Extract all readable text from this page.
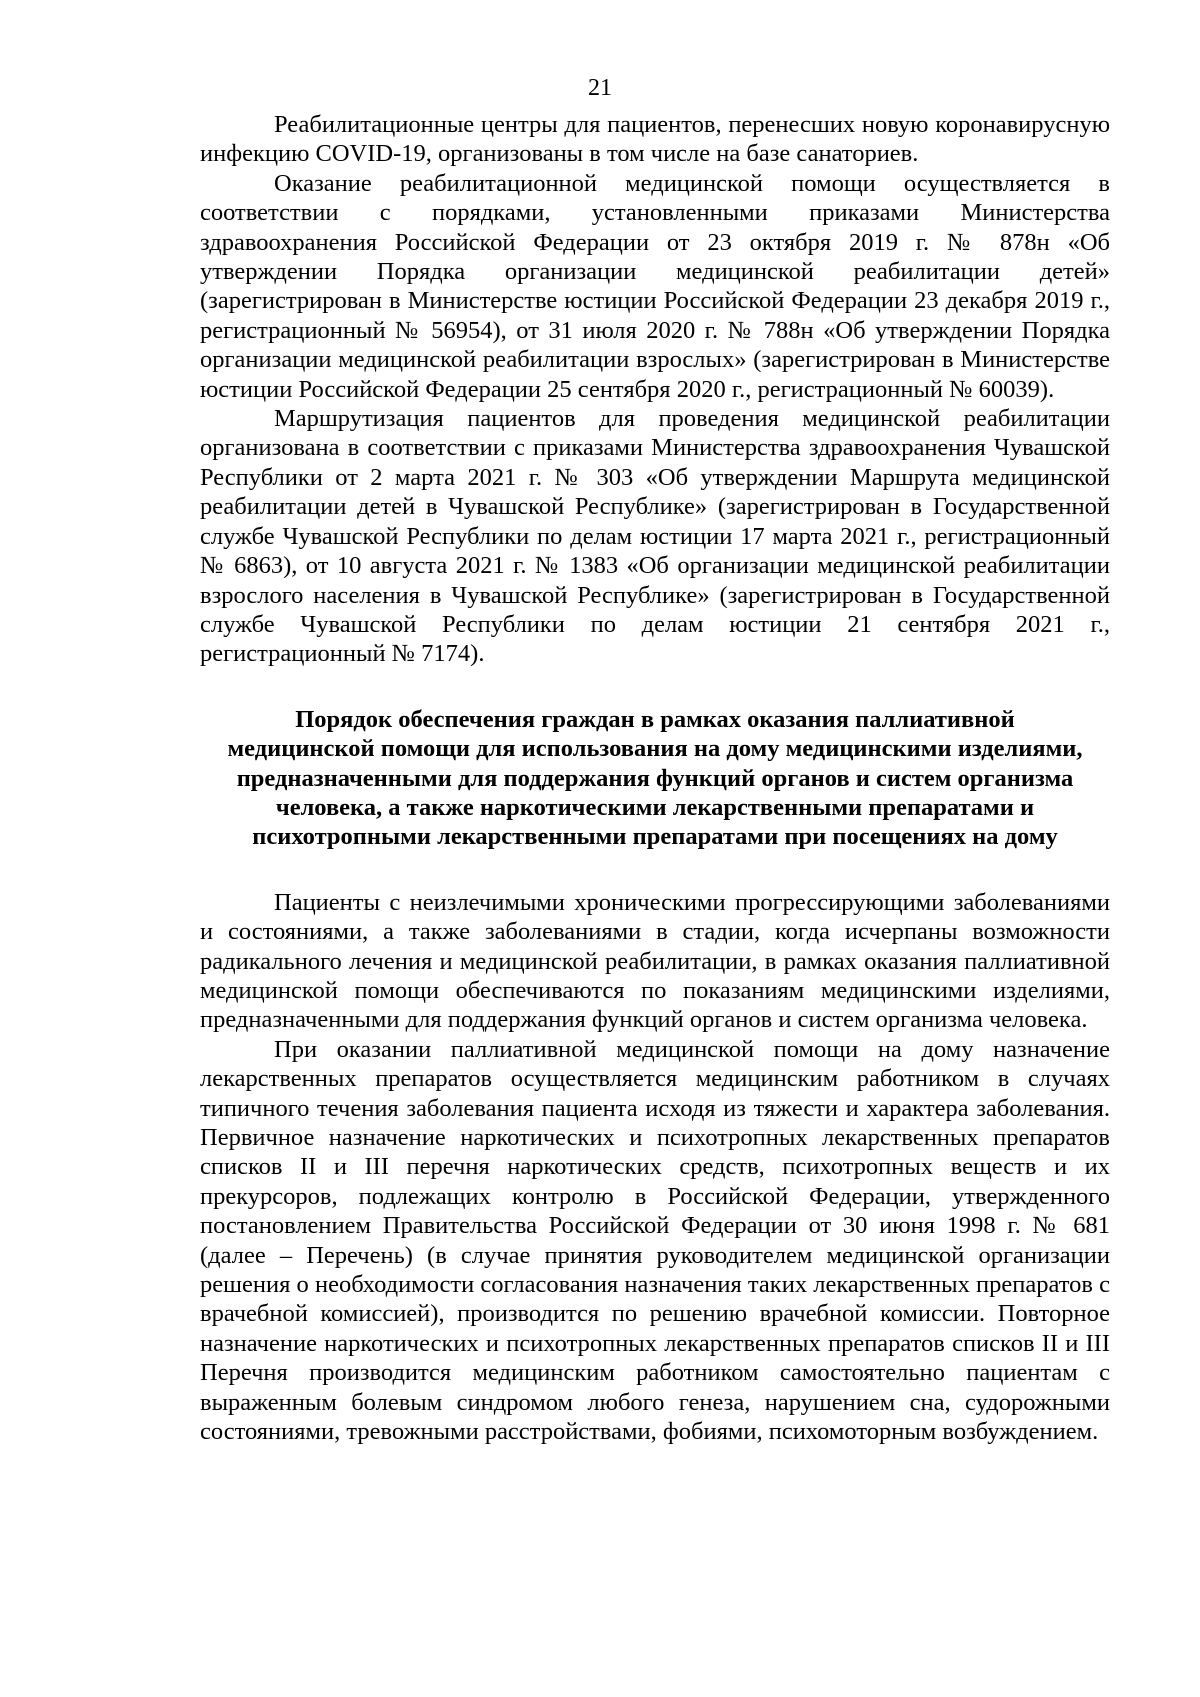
21

Реабилитационные центры для пациентов, перенесших новую коронавирусную инфекцию COVID-19, организованы в том числе на базе санаториев.

Оказание реабилитационной медицинской помощи осуществляется в соответствии с порядками, установленными приказами Министерства здравоохранения Российской Федерации от 23 октября 2019 г. № 878н «Об утверждении Порядка организации медицинской реабилитации детей» (зарегистрирован в Министерстве юстиции Российской Федерации 23 декабря 2019 г., регистрационный № 56954), от 31 июля 2020 г. № 788н «Об утверждении Порядка организации медицинской реабилитации взрослых» (зарегистрирован в Министерстве юстиции Российской Федерации 25 сентября 2020 г., регистрационный № 60039).

Маршрутизация пациентов для проведения медицинской реабилитации организована в соответствии с приказами Министерства здравоохранения Чувашской Республики от 2 марта 2021 г. № 303 «Об утверждении Маршрута медицинской реабилитации детей в Чувашской Республике» (зарегистрирован в Государственной службе Чувашской Республики по делам юстиции 17 марта 2021 г., регистрационный № 6863), от 10 августа 2021 г. № 1383 «Об организации медицинской реабилитации взрослого населения в Чувашской Республике» (зарегистрирован в Государственной службе Чувашской Республики по делам юстиции 21 сентября 2021 г., регистрационный № 7174).

Порядок обеспечения граждан в рамках оказания паллиативной
медицинской помощи для использования на дому медицинскими изделиями, предназначенными для поддержания функций органов и систем организма человека, а также наркотическими лекарственными препаратами и психотропными лекарственными препаратами при посещениях на дому

Пациенты с неизлечимыми хроническими прогрессирующими заболеваниями и состояниями, а также заболеваниями в стадии, когда исчерпаны возможности радикального лечения и медицинской реабилитации, в рамках оказания паллиативной медицинской помощи обеспечиваются по показаниям медицинскими изделиями, предназначенными для поддержания функций органов и систем организма человека.

При оказании паллиативной медицинской помощи на дому назначение лекарственных препаратов осуществляется медицинским работником в случаях типичного течения заболевания пациента исходя из тяжести и характера заболевания. Первичное назначение наркотических и психотропных лекарственных препаратов списков II и III перечня наркотических средств, психотропных веществ и их прекурсоров, подлежащих контролю в Российской Федерации, утвержденного постановлением Правительства Российской Федерации от 30 июня 1998 г. № 681 (далее – Перечень) (в случае принятия руководителем медицинской организации решения о необходимости согласования назначения таких лекарственных препаратов с врачебной комиссией), производится по решению врачебной комиссии. Повторное назначение наркотических и психотропных лекарственных препаратов списков II и III Перечня производится медицинским работником самостоятельно пациентам с выраженным болевым синдромом любого генеза, нарушением сна, судорожными состояниями, тревожными расстройствами, фобиями, психомоторным возбуждением.
